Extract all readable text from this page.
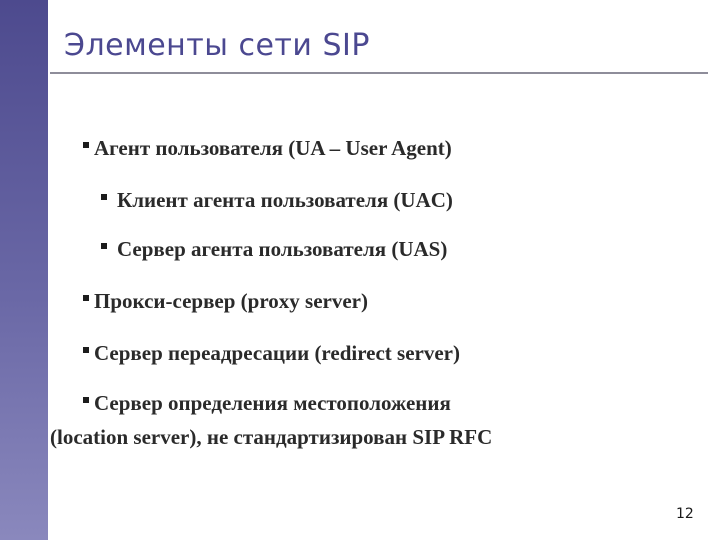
Элементы сети SIP
Агент пользователя (UA – User Agent)
Клиент агента пользователя (UAC)
Сервер агента пользователя (UAS)
Прокси-сервер (proxy server)
Сервер переадресации (redirect server)
Сервер определения местоположения

(location server), не стандартизирован SIP RFC

12
